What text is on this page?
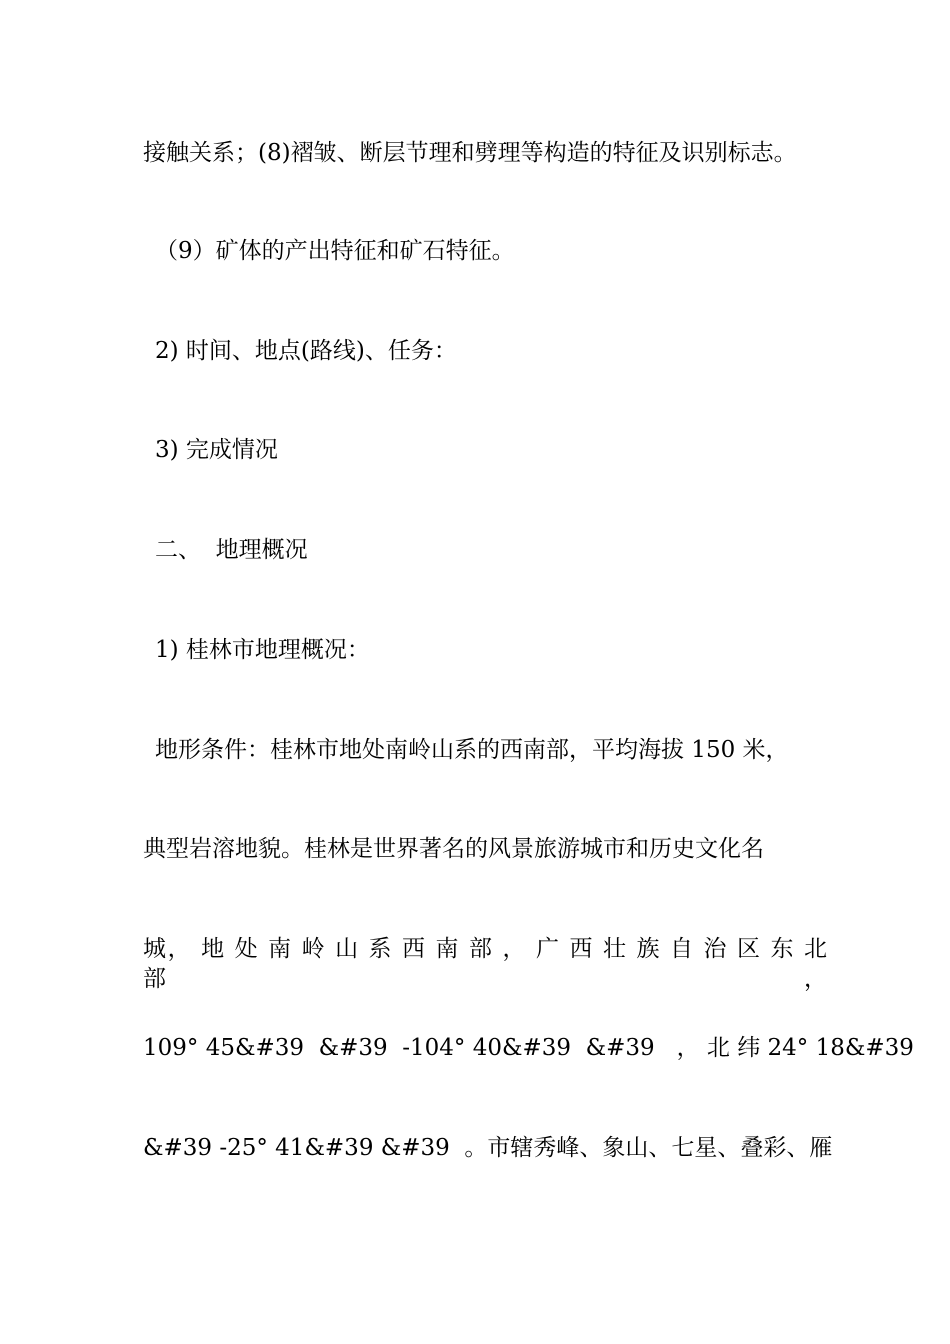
接触关系；(8)褶皱、断层节理和劈理等构造的特征及识别标志。
（9）矿体的产出特征和矿石特征。
2) 时间、地点(路线)、任务：
3) 完成情况
二、  地理概况
1) 桂林市地理概况：
地形条件：桂林市地处南岭山系的西南部，平均海拔 150 米，
典型岩溶地貌。桂林是世界著名的风景旅游城市和历史文化名
城， 地 处 南 岭 山 系 西 南 部 ， 广 西 壮 族 自 治 区 东 北 部 ，
109° 45&#39  &#39  -104° 40&#39  &#39   ， 北 纬 24° 18&#39
&#39 -25° 41&#39 &#39  。市辖秀峰、象山、七星、叠彩、雁
